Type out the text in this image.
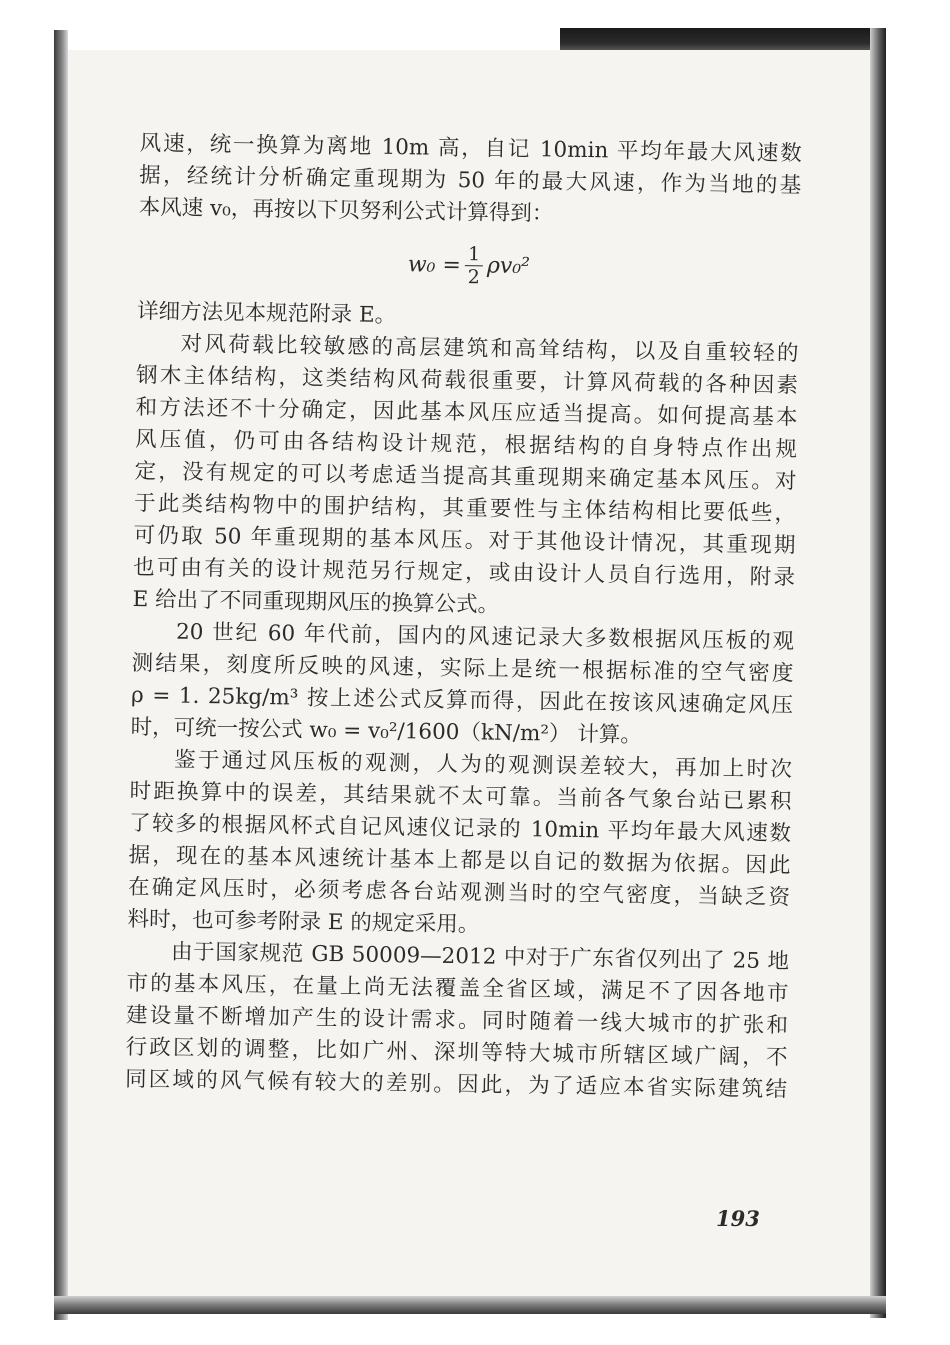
风速，统一换算为离地 10m 高，自记 10min 平均年最大风速数
据，经统计分析确定重现期为 50 年的最大风速，作为当地的基
本风速 v₀，再按以下贝努利公式计算得到：
$w_0 = \frac{1}{2} \rho v_0^2$
详细方法见本规范附录 E。
对风荷载比较敏感的高层建筑和高耸结构，以及自重较轻的
钢木主体结构，这类结构风荷载很重要，计算风荷载的各种因素
和方法还不十分确定，因此基本风压应适当提高。如何提高基本
风压值，仍可由各结构设计规范，根据结构的自身特点作出规
定，没有规定的可以考虑适当提高其重现期来确定基本风压。对
于此类结构物中的围护结构，其重要性与主体结构相比要低些，
可仍取 50 年重现期的基本风压。对于其他设计情况，其重现期
也可由有关的设计规范另行规定，或由设计人员自行选用，附录
E 给出了不同重现期风压的换算公式。
20 世纪 60 年代前，国内的风速记录大多数根据风压板的观
测结果，刻度所反映的风速，实际上是统一根据标准的空气密度
ρ = 1. 25kg/m³ 按上述公式反算而得，因此在按该风速确定风压
时，可统一按公式 w₀ = v₀²/1600（kN/m²） 计算。
鉴于通过风压板的观测，人为的观测误差较大，再加上时次
时距换算中的误差，其结果就不太可靠。当前各气象台站已累积
了较多的根据风杯式自记风速仪记录的 10min 平均年最大风速数
据，现在的基本风速统计基本上都是以自记的数据为依据。因此
在确定风压时，必须考虑各台站观测当时的空气密度，当缺乏资
料时，也可参考附录 E 的规定采用。
由于国家规范 GB 50009—2012 中对于广东省仅列出了 25 地
市的基本风压，在量上尚无法覆盖全省区域，满足不了因各地市
建设量不断增加产生的设计需求。同时随着一线大城市的扩张和
行政区划的调整，比如广州、深圳等特大城市所辖区域广阔，不
同区域的风气候有较大的差别。因此，为了适应本省实际建筑结
193
